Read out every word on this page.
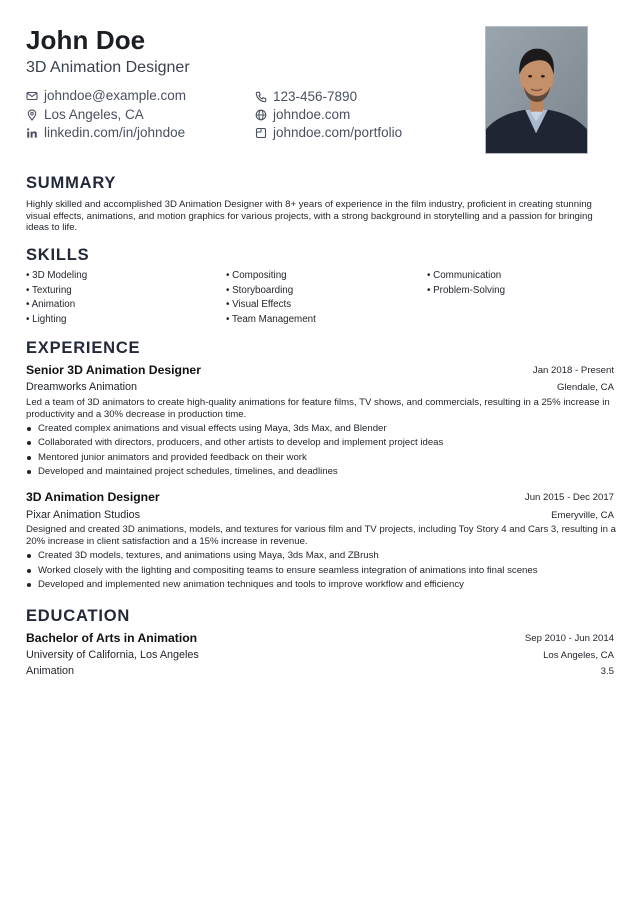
John Doe
3D Animation Designer
johndoe@example.com
Los Angeles, CA
linkedin.com/in/johndoe
123-456-7890
johndoe.com
johndoe.com/portfolio
SUMMARY
Highly skilled and accomplished 3D Animation Designer with 8+ years of experience in the film industry, proficient in creating stunning visual effects, animations, and motion graphics for various projects, with a strong background in storytelling and a passion for bringing ideas to life.
SKILLS
• 3D Modeling
• Texturing
• Animation
• Lighting
• Compositing
• Storyboarding
• Visual Effects
• Team Management
• Communication
• Problem-Solving
EXPERIENCE
Senior 3D Animation Designer	Jan 2018 - Present
Dreamworks Animation	Glendale, CA
Led a team of 3D animators to create high-quality animations for feature films, TV shows, and commercials, resulting in a 25% increase in productivity and a 30% decrease in production time.
Created complex animations and visual effects using Maya, 3ds Max, and Blender
Collaborated with directors, producers, and other artists to develop and implement project ideas
Mentored junior animators and provided feedback on their work
Developed and maintained project schedules, timelines, and deadlines
3D Animation Designer	Jun 2015 - Dec 2017
Pixar Animation Studios	Emeryville, CA
Designed and created 3D animations, models, and textures for various film and TV projects, including Toy Story 4 and Cars 3, resulting in a 20% increase in client satisfaction and a 15% increase in revenue.
Created 3D models, textures, and animations using Maya, 3ds Max, and ZBrush
Worked closely with the lighting and compositing teams to ensure seamless integration of animations into final scenes
Developed and implemented new animation techniques and tools to improve workflow and efficiency
EDUCATION
Bachelor of Arts in Animation	Sep 2010 - Jun 2014
University of California, Los Angeles	Los Angeles, CA
Animation	3.5
